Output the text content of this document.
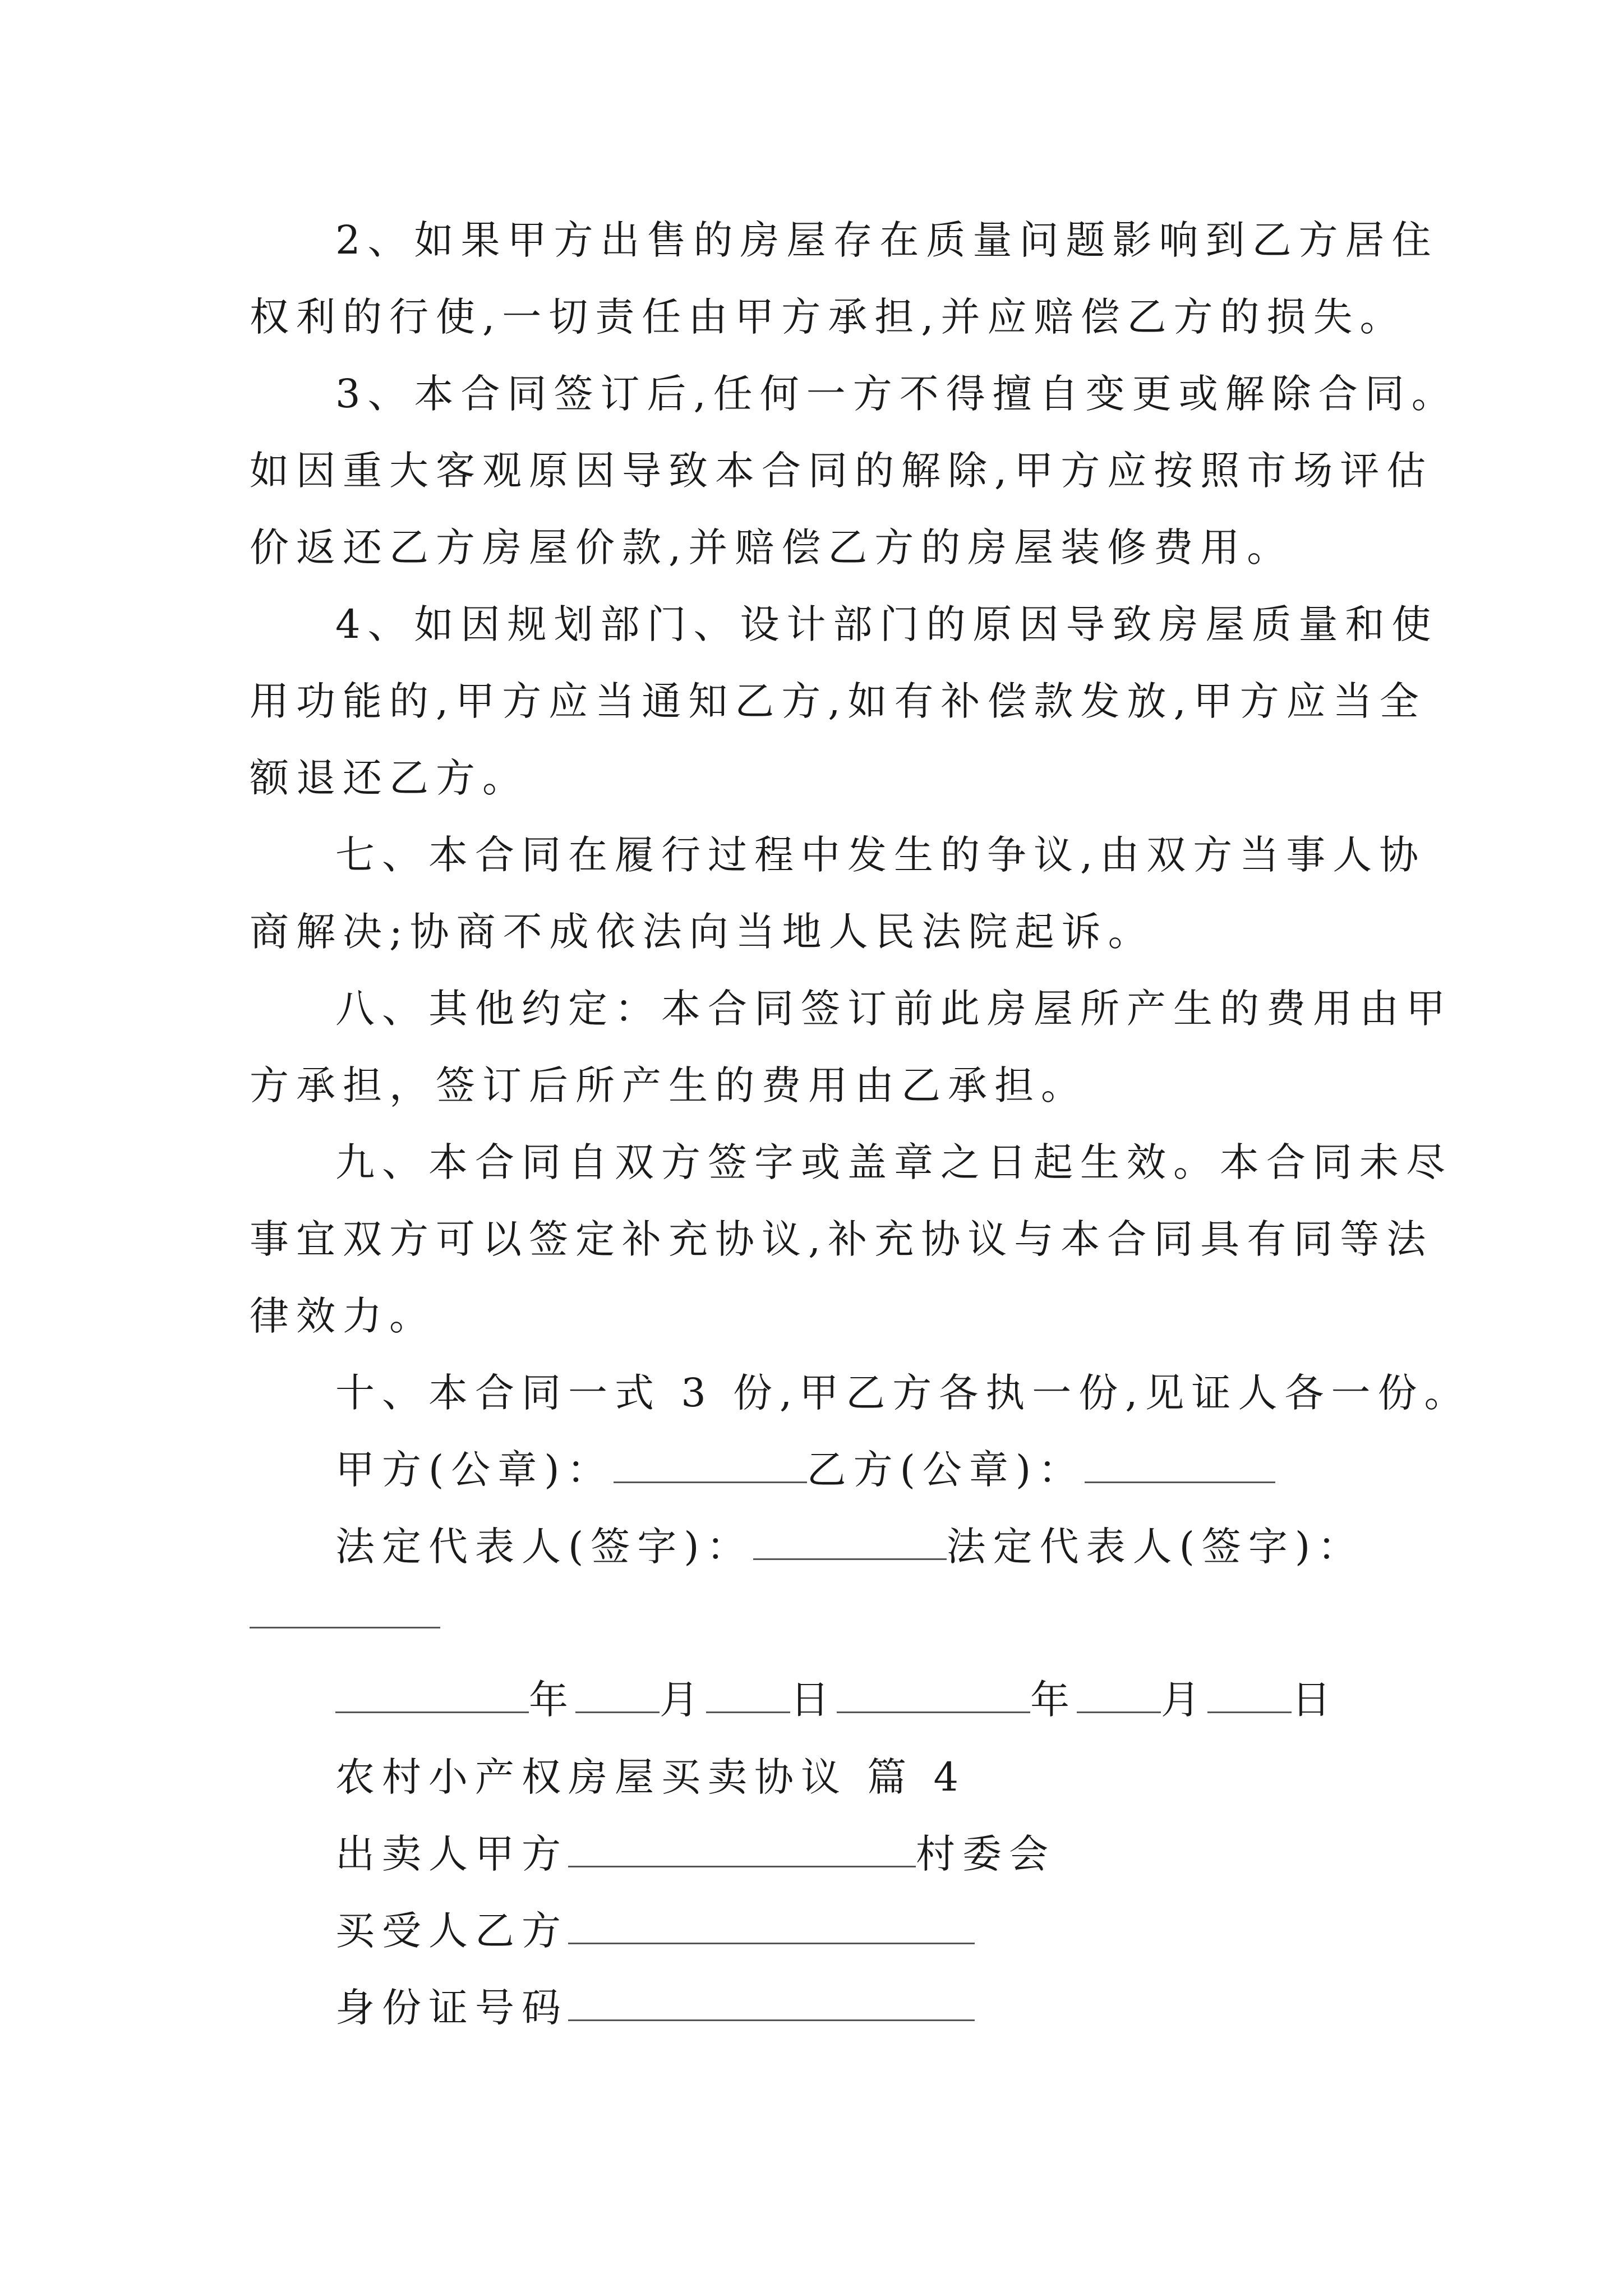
2、如果甲方出售的房屋存在质量问题影响到乙方居住
权利的行使,一切责任由甲方承担,并应赔偿乙方的损失。
3、本合同签订后,任何一方不得擅自变更或解除合同。
如因重大客观原因导致本合同的解除,甲方应按照市场评估
价返还乙方房屋价款,并赔偿乙方的房屋装修费用。
4、如因规划部门、设计部门的原因导致房屋质量和使
用功能的,甲方应当通知乙方,如有补偿款发放,甲方应当全
额退还乙方。
七、本合同在履行过程中发生的争议,由双方当事人协
商解决;协商不成依法向当地人民法院起诉。
八、其他约定：本合同签订前此房屋所产生的费用由甲
方承担，签订后所产生的费用由乙承担。
九、本合同自双方签字或盖章之日起生效。本合同未尽
事宜双方可以签定补充协议,补充协议与本合同具有同等法
律效力。
十、本合同一式 3 份,甲乙方各执一份,见证人各一份。
甲方(公章)：	乙方(公章)：
法定代表人(签字)：	法定代表人(签字)：
年 月 日	年 月 日
农村小产权房屋买卖协议 篇 4
出卖人甲方	村委会
买受人乙方
身份证号码
